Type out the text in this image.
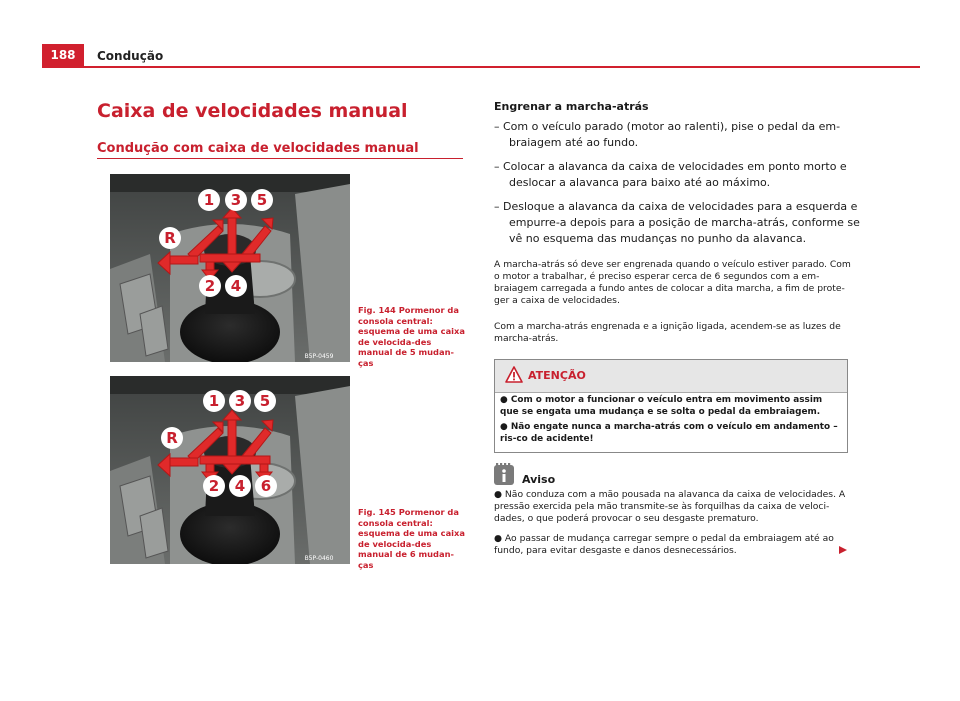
188	Condução
Caixa de velocidades manual
Condução com caixa de velocidades manual
1 3 5
R
2 4
B5P-0459
Fig. 144 Pormenor da consola central: esquema de uma caixa de velocida-des manual de 5 mudan-ças
1 3 5
R
2 4 6
B5P-0460
Fig. 145 Pormenor da consola central: esquema de uma caixa de velocida-des manual de 6 mudan-ças
Engrenar a marcha-atrás
– Com o veículo parado (motor ao ralenti), pise o pedal da em-braiagem até ao fundo.
– Colocar a alavanca da caixa de velocidades em ponto morto e deslocar a alavanca para baixo até ao máximo.
– Desloque a alavanca da caixa de velocidades para a esquerda e empurre-a depois para a posição de marcha-atrás, conforme se vê no esquema das mudanças no punho da alavanca.
A marcha-atrás só deve ser engrenada quando o veículo estiver parado. Com o motor a trabalhar, é preciso esperar cerca de 6 segundos com a em-braiagem carregada a fundo antes de colocar a dita marcha, a fim de prote-ger a caixa de velocidades.
Com a marcha-atrás engrenada e a ignição ligada, acendem-se as luzes de marcha-atrás.
ATENÇÃO
● Com o motor a funcionar o veículo entra em movimento assim que se engata uma mudança e se solta o pedal da embraiagem.
● Não engate nunca a marcha-atrás com o veículo em andamento – ris-co de acidente!
Aviso
● Não conduza com a mão pousada na alavanca da caixa de velocidades. A pressão exercida pela mão transmite-se às forquilhas da caixa de veloci-dades, o que poderá provocar o seu desgaste prematuro.
● Ao passar de mudança carregar sempre o pedal da embraiagem até ao fundo, para evitar desgaste e danos desnecessários.
